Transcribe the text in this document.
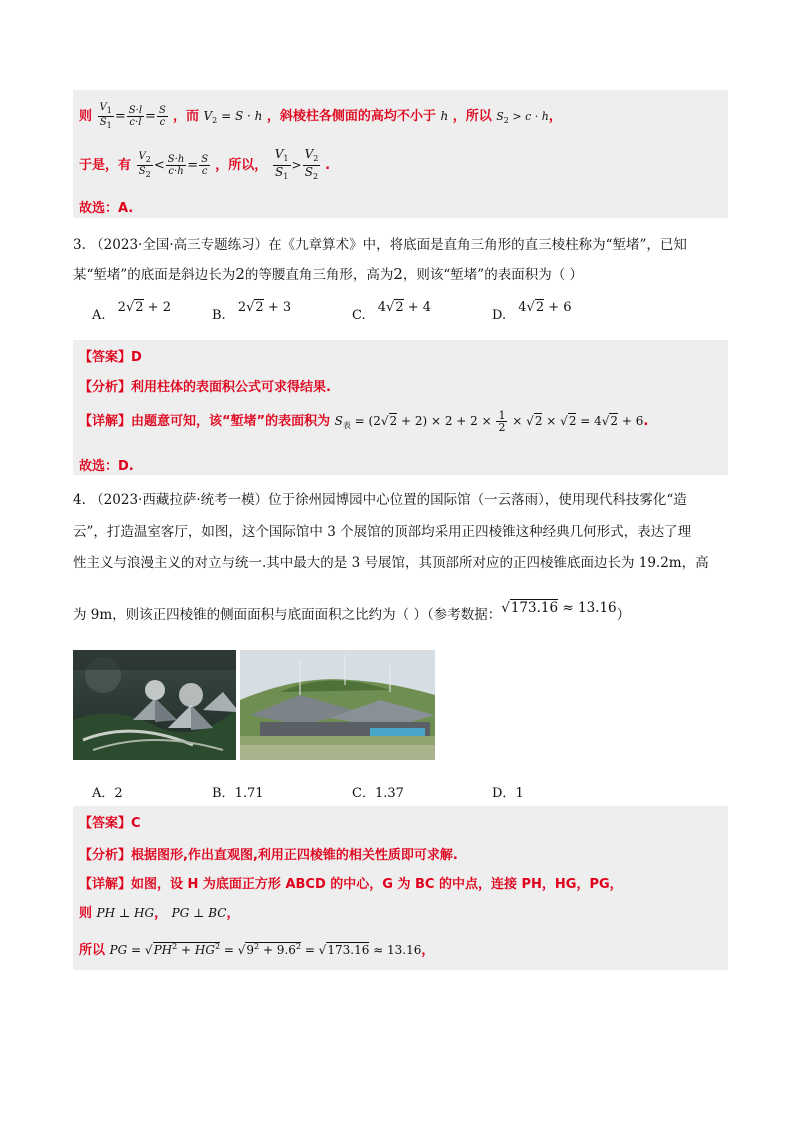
则 $\frac{V_1}{S_1} = \frac{S\cdot l}{c\cdot l} = \frac{S}{c}$ ，而 $V_2 = S \cdot h$ ，斜棱柱各侧面的高均不小于 h ，所以 $S_2 > c \cdot h$，
于是，有 $\frac{V_2}{S_2} < \frac{S\cdot h}{c\cdot h} = \frac{S}{c}$ ，所以， $\frac{V_1}{S_1} > \frac{V_2}{S_2}$ .
故选：A.
3. （2023·全国·高三专题练习）在《九章算术》中，将底面是直角三角形的直三棱柱称为“堑堵”，已知
某“堑堵”的底面是斜边长为2的等腰直角三角形，高为2，则该“堑堵”的表面积为（ ）
A. 2√2 + 2
B. 2√2 + 3
C. 4√2 + 4
D. 4√2 + 6
【答案】D
【分析】利用柱体的表面积公式可求得结果.
【详解】由题意可知，该“堑堵”的表面积为 $S_表 = (2√2 + 2) \times 2 + 2 \times \frac{1}{2} \times √2 \times √2 = 4√2 + 6$.
故选：D.
4. （2023·西藏拉萨·统考一模）位于徐州园博园中心位置的国际馆（一云落雨），使用现代科技雾化“造
云”，打造温室客厅，如图，这个国际馆中 3 个展馆的顶部均采用正四棱锥这种经典几何形式，表达了理
性主义与浪漫主义的对立与统一.其中最大的是 3 号展馆，其顶部所对应的正四棱锥底面边长为 19.2m，高
为 9m，则该正四棱锥的侧面面积与底面面积之比约为（ ）（参考数据：√173.16 ≈ 13.16）
A．2	B．1.71	C．1.37	D．1
【答案】C
【分析】根据图形,作出直观图,利用正四棱锥的相关性质即可求解.
【详解】如图，设 H 为底面正方形 ABCD 的中心，G 为 BC 的中点，连接 PH，HG，PG，
则 PH ⊥ HG， PG ⊥ BC，
所以 PG = $√PH^2 + HG^2 = √9^2 + 9.6^2 = √173.16 \approx 13.16$，
